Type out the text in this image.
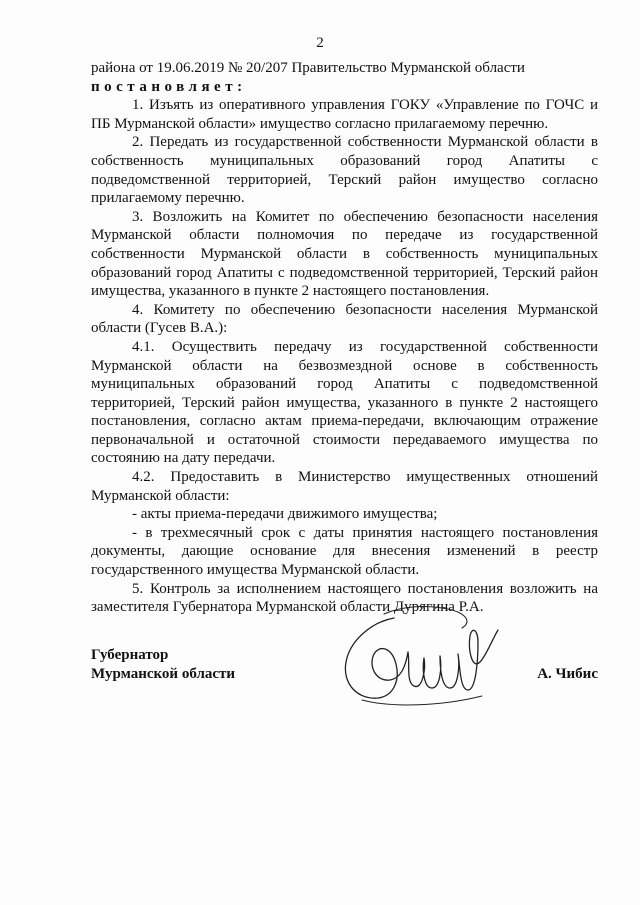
2

района от 19.06.2019 № 20/207 Правительство Мурманской области

постановляет:

1. Изъять из оперативного управления ГОКУ «Управление по ГОЧС и ПБ Мурманской области» имущество согласно прилагаемому перечню.

2. Передать из государственной собственности Мурманской области в собственность муниципальных образований город Апатиты с подведомственной территорией, Терский район имущество согласно прилагаемому перечню.

3. Возложить на Комитет по обеспечению безопасности населения Мурманской области полномочия по передаче из государственной собственности Мурманской области в собственность муниципальных образований город Апатиты с подведомственной территорией, Терский район имущества, указанного в пункте 2 настоящего постановления.

4. Комитету по обеспечению безопасности населения Мурманской области (Гусев В.А.):

4.1. Осуществить передачу из государственной собственности Мурманской области на безвозмездной основе в собственность муниципальных образований город Апатиты с подведомственной территорией, Терский район имущества, указанного в пункте 2 настоящего постановления, согласно актам приема-передачи, включающим отражение первоначальной и остаточной стоимости передаваемого имущества по состоянию на дату передачи.

4.2. Предоставить в Министерство имущественных отношений Мурманской области:

- акты приема-передачи движимого имущества;

- в трехмесячный срок с даты принятия настоящего постановления документы, дающие основание для внесения изменений в реестр государственного имущества Мурманской области.

5. Контроль за исполнением настоящего постановления возложить на заместителя Губернатора Мурманской области Дурягина Р.А.

Губернатор
Мурманской области	А. Чибис
